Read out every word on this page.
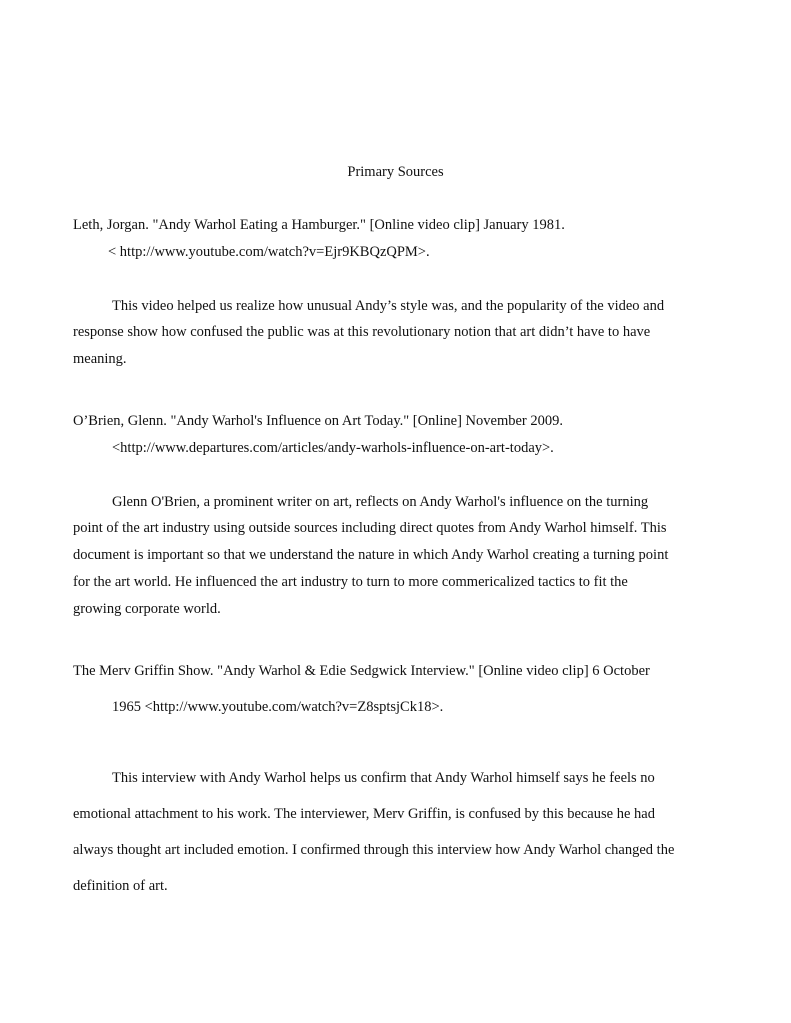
Primary Sources
Leth, Jorgan. "Andy Warhol Eating a Hamburger." [Online video clip] January 1981.
< http://www.youtube.com/watch?v=Ejr9KBQzQPM>.
This video helped us realize how unusual Andy’s style was, and the popularity of the video and
response show how confused the public was at this revolutionary notion that art didn’t have to have
meaning.
O’Brien, Glenn. "Andy Warhol's Influence on Art Today." [Online] November 2009.
<http://www.departures.com/articles/andy-warhols-influence-on-art-today>.
Glenn O'Brien, a prominent writer on art, reflects on Andy Warhol's influence on the turning
point of the art industry using outside sources including direct quotes from Andy Warhol himself. This
document is important so that we understand the nature in which Andy Warhol creating a turning point
for the art world. He influenced the art industry to turn to more commericalized tactics to fit the
growing corporate world.
The Merv Griffin Show. "Andy Warhol & Edie Sedgwick Interview." [Online video clip] 6 October
1965 <http://www.youtube.com/watch?v=Z8sptsjCk18>.
This interview with Andy Warhol helps us confirm that Andy Warhol himself says he feels no
emotional attachment to his work. The interviewer, Merv Griffin, is confused by this because he had
always thought art included emotion. I confirmed through this interview how Andy Warhol changed the
definition of art.
